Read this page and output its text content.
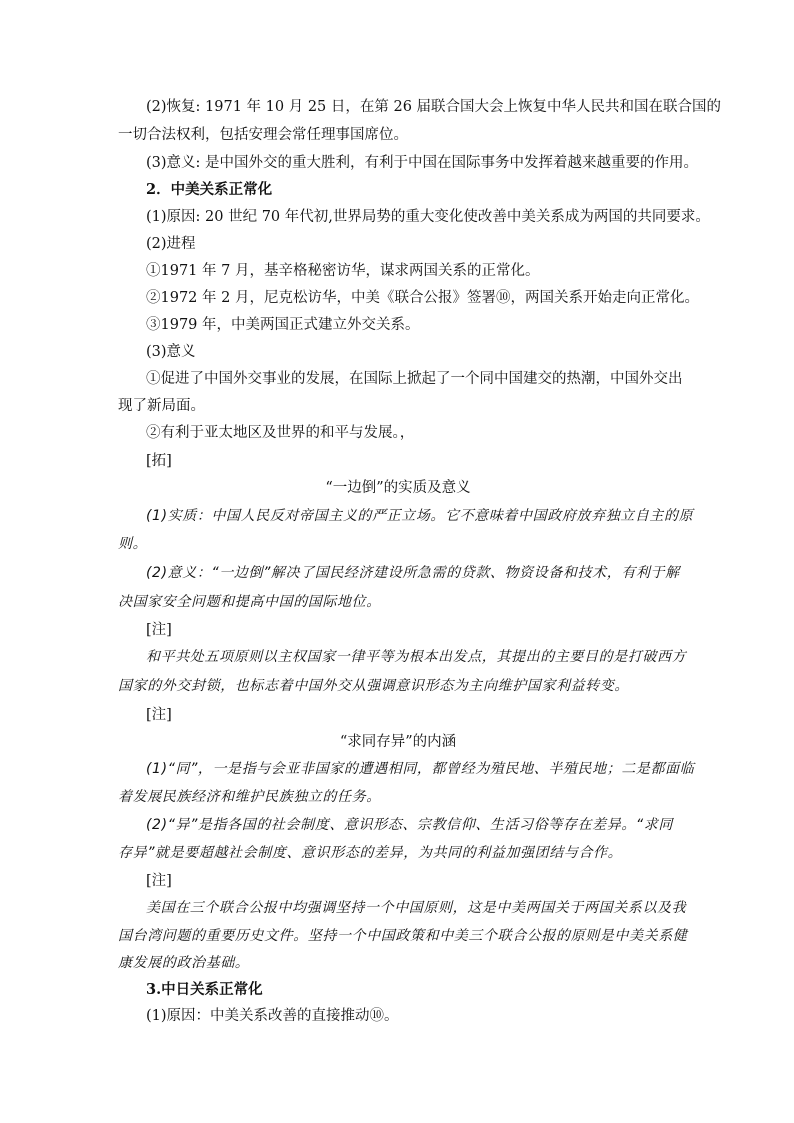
(2)恢复: 1971 年 10 月 25 日，在第 26 届联合国大会上恢复中华人民共和国在联合国的
一切合法权利，包括安理会常任理事国席位。
(3)意义: 是中国外交的重大胜利，有利于中国在国际事务中发挥着越来越重要的作用。
2．中美关系正常化
(1)原因: 20 世纪 70 年代初,世界局势的重大变化使改善中美关系成为两国的共同要求。
(2)进程
①1971 年 7 月，基辛格秘密访华，谋求两国关系的正常化。
②1972 年 2 月，尼克松访华，中美《联合公报》签署⑩，两国关系开始走向正常化。
③1979 年，中美两国正式建立外交关系。
(3)意义
①促进了中国外交事业的发展，在国际上掀起了一个同中国建交的热潮，中国外交出
现了新局面。
②有利于亚太地区及世界的和平与发展。，
[拓]
“一边倒”的实质及意义
(1)实质：中国人民反对帝国主义的严正立场。它不意味着中国政府放弃独立自主的原
则。
(2)意义：“一边倒”解决了国民经济建设所急需的贷款、物资设备和技术，有利于解
决国家安全问题和提高中国的国际地位。
[注]
和平共处五项原则以主权国家一律平等为根本出发点，其提出的主要目的是打破西方
国家的外交封锁，也标志着中国外交从强调意识形态为主向维护国家利益转变。
[注]
“求同存异”的内涵
(1)“同”，一是指与会亚非国家的遭遇相同，都曾经为殖民地、半殖民地；二是都面临
着发展民族经济和维护民族独立的任务。
(2)“异”是指各国的社会制度、意识形态、宗教信仰、生活习俗等存在差异。“求同
存异”就是要超越社会制度、意识形态的差异，为共同的利益加强团结与合作。
[注]
美国在三个联合公报中均强调坚持一个中国原则，这是中美两国关于两国关系以及我
国台湾问题的重要历史文件。坚持一个中国政策和中美三个联合公报的原则是中美关系健
康发展的政治基础。
3.中日关系正常化
(1)原因：中美关系改善的直接推动⑩。
